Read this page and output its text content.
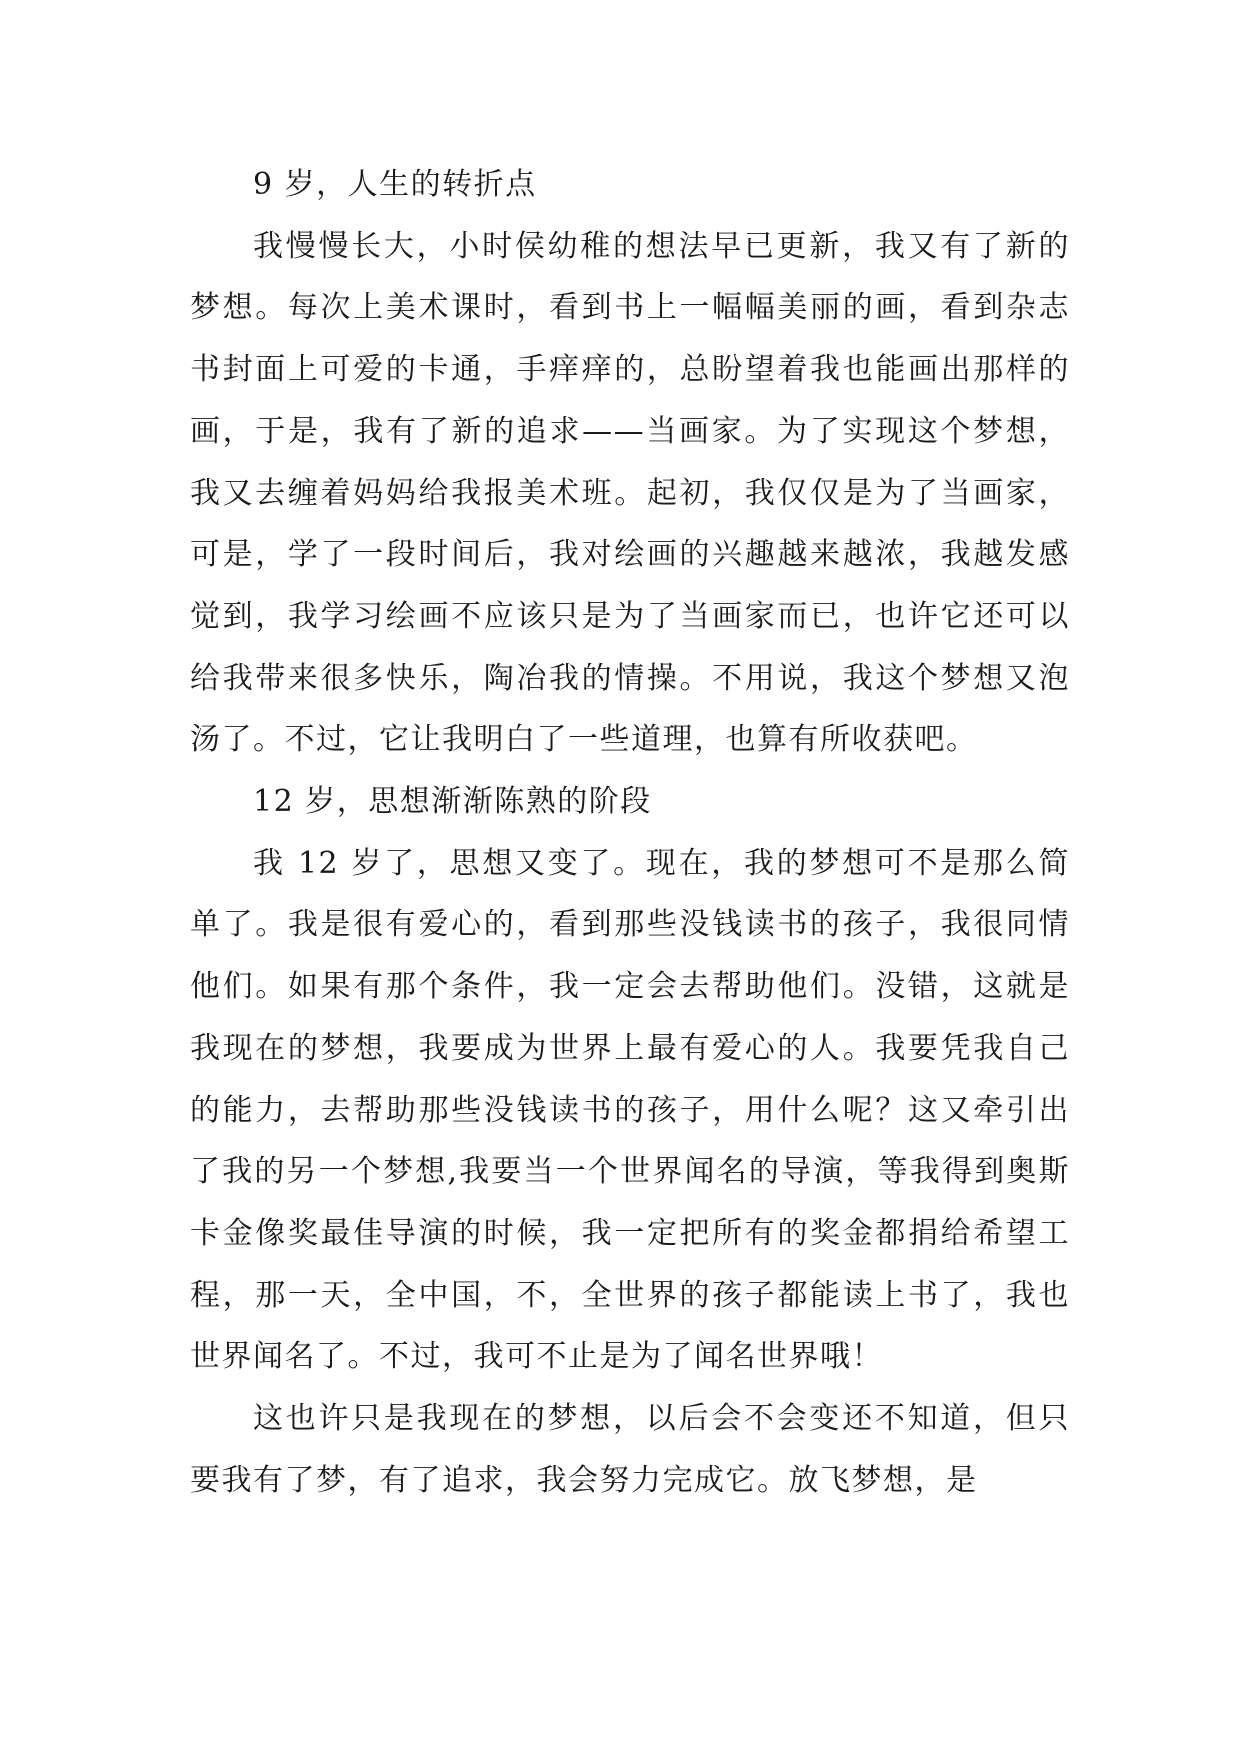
9 岁，人生的转折点

我慢慢长大，小时侯幼稚的想法早已更新，我又有了新的梦想。每次上美术课时，看到书上一幅幅美丽的画，看到杂志书封面上可爱的卡通，手痒痒的，总盼望着我也能画出那样的画，于是，我有了新的追求——当画家。为了实现这个梦想，我又去缠着妈妈给我报美术班。起初，我仅仅是为了当画家，可是，学了一段时间后，我对绘画的兴趣越来越浓，我越发感觉到，我学习绘画不应该只是为了当画家而已，也许它还可以给我带来很多快乐，陶冶我的情操。不用说，我这个梦想又泡汤了。不过，它让我明白了一些道理，也算有所收获吧。

12 岁，思想渐渐陈熟的阶段

我 12 岁了，思想又变了。现在，我的梦想可不是那么简单了。我是很有爱心的，看到那些没钱读书的孩子，我很同情他们。如果有那个条件，我一定会去帮助他们。没错，这就是我现在的梦想，我要成为世界上最有爱心的人。我要凭我自己的能力，去帮助那些没钱读书的孩子，用什么呢？这又牵引出了我的另一个梦想,我要当一个世界闻名的导演，等我得到奥斯卡金像奖最佳导演的时候，我一定把所有的奖金都捐给希望工程，那一天，全中国，不，全世界的孩子都能读上书了，我也世界闻名了。不过，我可不止是为了闻名世界哦！

这也许只是我现在的梦想，以后会不会变还不知道，但只要我有了梦，有了追求，我会努力完成它。放飞梦想，是
